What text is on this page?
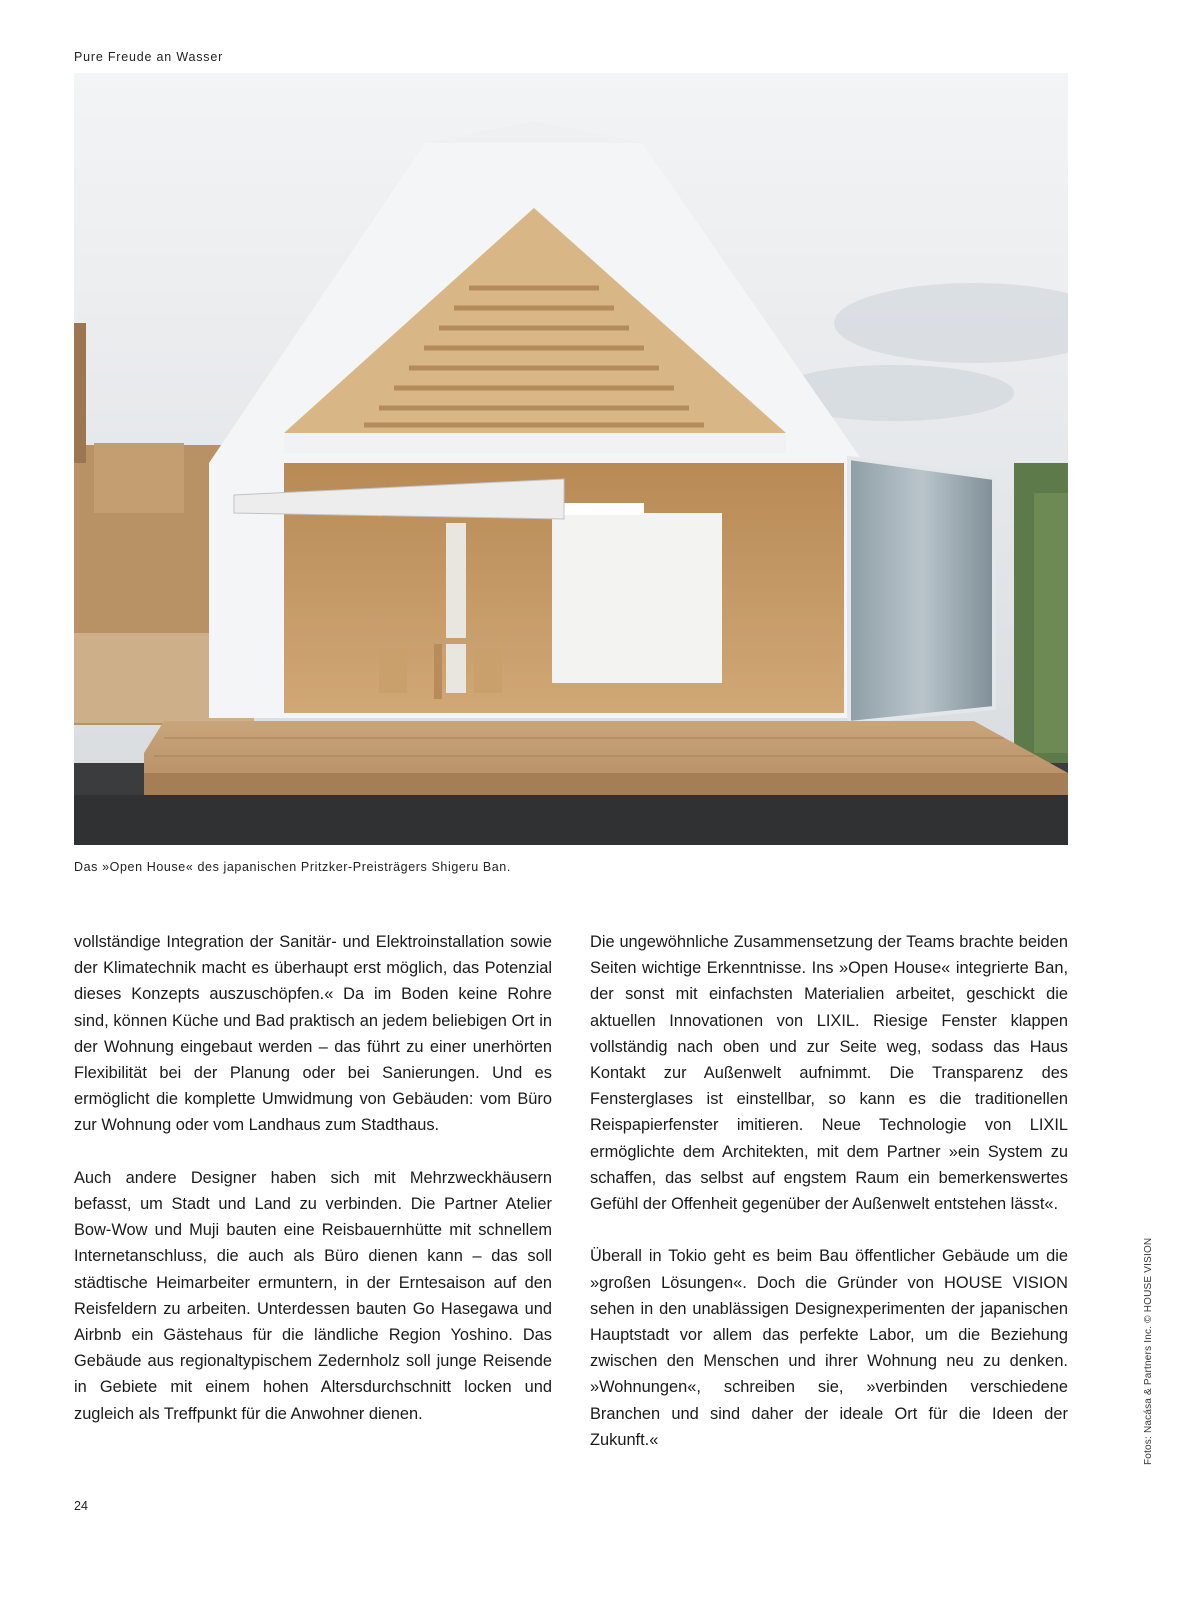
Pure Freude an Wasser
Das »Open House« des japanischen Pritzker-Preisträgers Shigeru Ban.

vollständige Integration der Sanitär- und Elektroinstallation sowie der Klimatechnik macht es überhaupt erst möglich, das Potenzial dieses Konzepts auszuschöpfen.« Da im Boden keine Rohre sind, können Küche und Bad praktisch an jedem beliebigen Ort in der Wohnung eingebaut werden – das führt zu einer unerhörten Flexibilität bei der Planung oder bei Sanierungen. Und es ermöglicht die komplette Umwidmung von Gebäuden: vom Büro zur Wohnung oder vom Landhaus zum Stadthaus.

Auch andere Designer haben sich mit Mehrzweckhäusern befasst, um Stadt und Land zu verbinden. Die Partner Atelier Bow-Wow und Muji bauten eine Reisbauernhütte mit schnellem Internetanschluss, die auch als Büro dienen kann – das soll städtische Heimarbeiter ermuntern, in der Erntesaison auf den Reisfeldern zu arbeiten. Unterdessen bauten Go Hasegawa und Airbnb ein Gästehaus für die ländliche Region Yoshino. Das Gebäude aus regionaltypischem Zedernholz soll junge Reisende in Gebiete mit einem hohen Altersdurchschnitt locken und zugleich als Treffpunkt für die Anwohner dienen.

Die ungewöhnliche Zusammensetzung der Teams brachte beiden Seiten wichtige Erkenntnisse. Ins »Open House« integrierte Ban, der sonst mit einfachsten Materialien arbeitet, geschickt die aktuellen Innovationen von LIXIL. Riesige Fenster klappen vollständig nach oben und zur Seite weg, sodass das Haus Kontakt zur Außenwelt aufnimmt. Die Transparenz des Fensterglases ist einstellbar, so kann es die traditionellen Reispapierfenster imitieren. Neue Technologie von LIXIL ermöglichte dem Architekten, mit dem Partner »ein System zu schaffen, das selbst auf engstem Raum ein bemerkenswertes Gefühl der Offenheit gegenüber der Außenwelt entstehen lässt«.

Überall in Tokio geht es beim Bau öffentlicher Gebäude um die »großen Lösungen«. Doch die Gründer von HOUSE VISION sehen in den unablässigen Designexperimenten der japanischen Hauptstadt vor allem das perfekte Labor, um die Beziehung zwischen den Menschen und ihrer Wohnung neu zu denken. »Wohnungen«, schreiben sie, »verbinden verschiedene Branchen und sind daher der ideale Ort für die Ideen der Zukunft.«	Fotos: Nacása & Partners Inc. © HOUSE VISION
24
